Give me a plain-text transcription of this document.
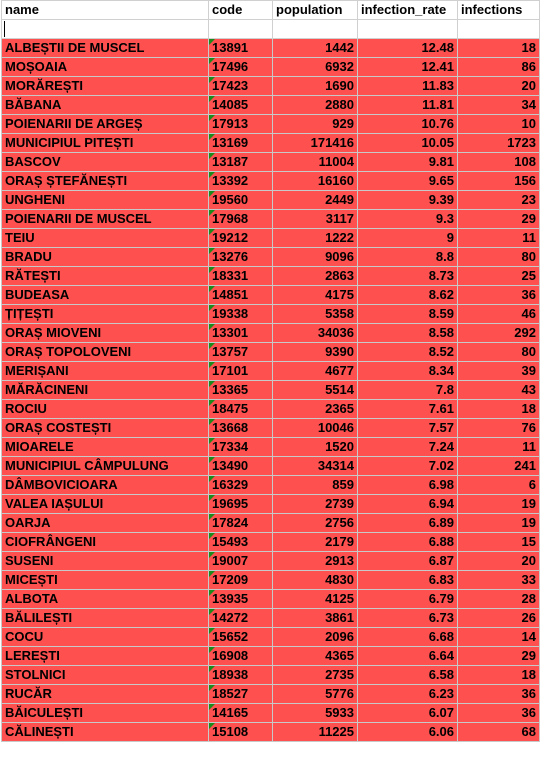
name	code	population	infection_rate	infections

ALBEȘTII DE MUSCEL	13891	1442	12.48	18
MOȘOAIA	17496	6932	12.41	86
MORĂREȘTI	17423	1690	11.83	20
BĂBANA	14085	2880	11.81	34
POIENARII DE ARGEȘ	17913	929	10.76	10
MUNICIPIUL PITEȘTI	13169	171416	10.05	1723
BASCOV	13187	11004	9.81	108
ORAȘ ȘTEFĂNEȘTI	13392	16160	9.65	156
UNGHENI	19560	2449	9.39	23
POIENARII DE MUSCEL	17968	3117	9.3	29
TEIU	19212	1222	9	11
BRADU	13276	9096	8.8	80
RĂTEȘTI	18331	2863	8.73	25
BUDEASA	14851	4175	8.62	36
ȚIȚEȘTI	19338	5358	8.59	46
ORAȘ MIOVENI	13301	34036	8.58	292
ORAȘ TOPOLOVENI	13757	9390	8.52	80
MERIȘANI	17101	4677	8.34	39
MĂRĂCINENI	13365	5514	7.8	43
ROCIU	18475	2365	7.61	18
ORAȘ COSTEȘTI	13668	10046	7.57	76
MIOARELE	17334	1520	7.24	11
MUNICIPIUL CÂMPULUNG	13490	34314	7.02	241
DÂMBOVICIOARA	16329	859	6.98	6
VALEA IAȘULUI	19695	2739	6.94	19
OARJA	17824	2756	6.89	19
CIOFRÂNGENI	15493	2179	6.88	15
SUSENI	19007	2913	6.87	20
MICEȘTI	17209	4830	6.83	33
ALBOTA	13935	4125	6.79	28
BĂLILEȘTI	14272	3861	6.73	26
COCU	15652	2096	6.68	14
LEREȘTI	16908	4365	6.64	29
STOLNICI	18938	2735	6.58	18
RUCĂR	18527	5776	6.23	36
BĂICULEȘTI	14165	5933	6.07	36
CĂLINEȘTI	15108	11225	6.06	68
